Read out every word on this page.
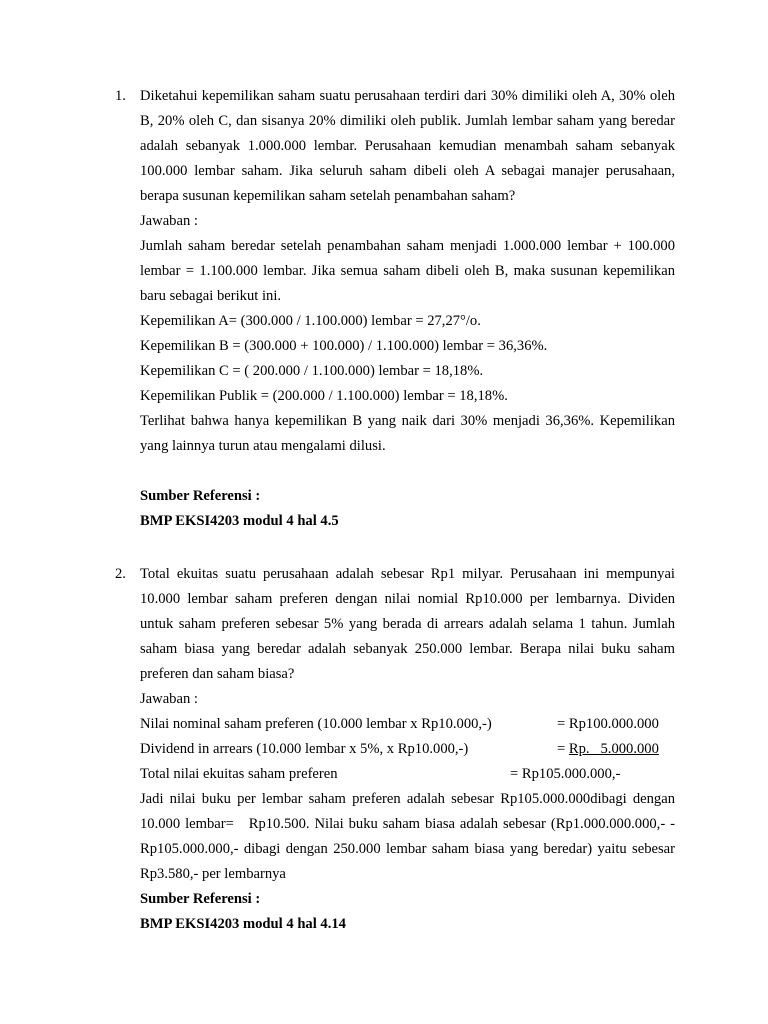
1. Diketahui kepemilikan saham suatu perusahaan terdiri dari 30% dimiliki oleh A, 30% oleh B, 20% oleh C, dan sisanya 20% dimiliki oleh publik. Jumlah lembar saham yang beredar adalah sebanyak 1.000.000 lembar. Perusahaan kemudian menambah saham sebanyak 100.000 lembar saham. Jika seluruh saham dibeli oleh A sebagai manajer perusahaan, berapa susunan kepemilikan saham setelah penambahan saham?

Jawaban :

Jumlah saham beredar setelah penambahan saham menjadi 1.000.000 lembar + 100.000 lembar = 1.100.000 lembar. Jika semua saham dibeli oleh B, maka susunan kepemilikan baru sebagai berikut ini.

Kepemilikan A= (300.000 / 1.100.000) lembar = 27,27°/o.

Kepemilikan B = (300.000 + 100.000) / 1.100.000) lembar = 36,36%.

Kepemilikan C = ( 200.000 / 1.100.000) lembar = 18,18%.

Kepemilikan Publik = (200.000 / 1.100.000) lembar = 18,18%.

Terlihat bahwa hanya kepemilikan B yang naik dari 30% menjadi 36,36%. Kepemilikan yang lainnya turun atau mengalami dilusi.

Sumber Referensi :

BMP EKSI4203 modul 4 hal 4.5

2. Total ekuitas suatu perusahaan adalah sebesar Rp1 milyar. Perusahaan ini mempunyai 10.000 lembar saham preferen dengan nilai nomial Rp10.000 per lembarnya. Dividen untuk saham preferen sebesar 5% yang berada di arrears adalah selama 1 tahun. Jumlah saham biasa yang beredar adalah sebanyak 250.000 lembar. Berapa nilai buku saham preferen dan saham biasa?

Jawaban :

Nilai nominal saham preferen (10.000 lembar x Rp10.000,-)	= Rp100.000.000
Dividend in arrears (10.000 lembar x 5%, x Rp10.000,-)	= Rp.   5.000.000
Total nilai ekuitas saham preferen	= Rp105.000.000,-

Jadi nilai buku per lembar saham preferen adalah sebesar Rp105.000.000dibagi dengan 10.000 lembar=   Rp10.500. Nilai buku saham biasa adalah sebesar (Rp1.000.000.000,- - Rp105.000.000,- dibagi dengan 250.000 lembar saham biasa yang beredar) yaitu sebesar Rp3.580,- per lembarnya

Sumber Referensi :

BMP EKSI4203 modul 4 hal 4.14
